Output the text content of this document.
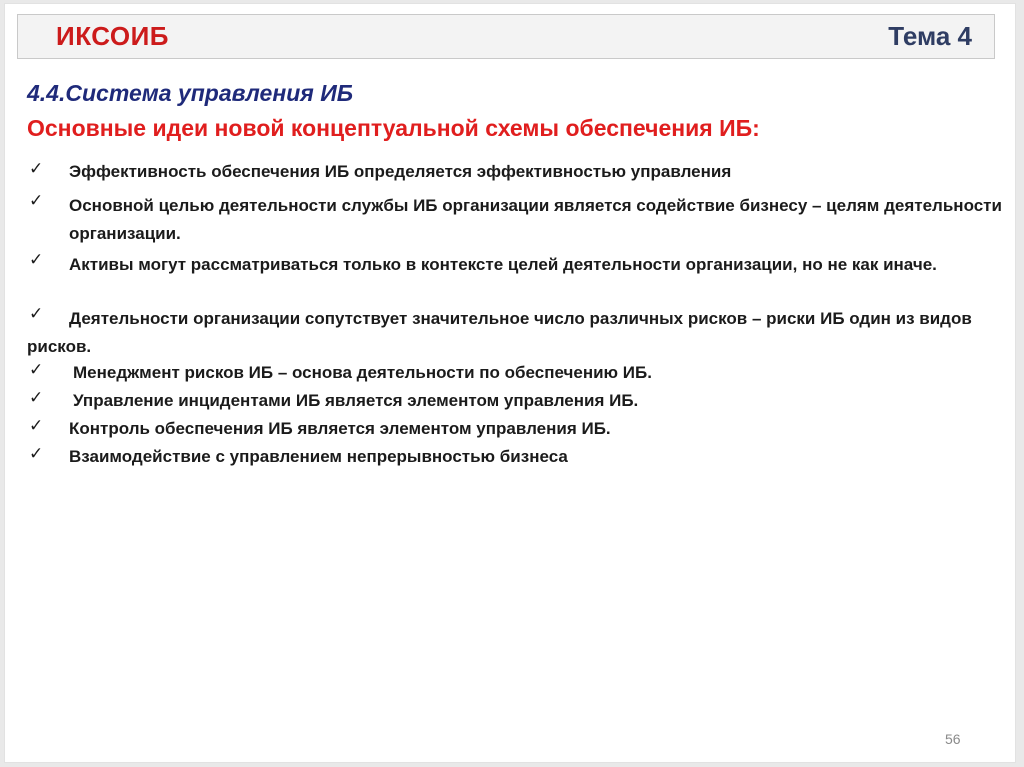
ИКСОИБ	Тема 4
4.4.Система управления ИБ
Основные идеи новой концептуальной схемы обеспечения ИБ:
✓	Эффективность обеспечения ИБ определяется эффективностью управления
✓	Основной целью деятельности службы ИБ организации является содействие бизнесу – целям деятельности организации.
✓	Активы могут рассматриваться только в контексте целей деятельности организации, но не как иначе.
✓	Деятельности организации сопутствует значительное число различных рисков – риски ИБ один из видов рисков.
✓	Менеджмент рисков ИБ – основа деятельности по обеспечению ИБ.
✓	Управление инцидентами ИБ является элементом управления ИБ.
✓	Контроль обеспечения ИБ является элементом управления ИБ.
✓	Взаимодействие с управлением непрерывностью бизнеса
56
